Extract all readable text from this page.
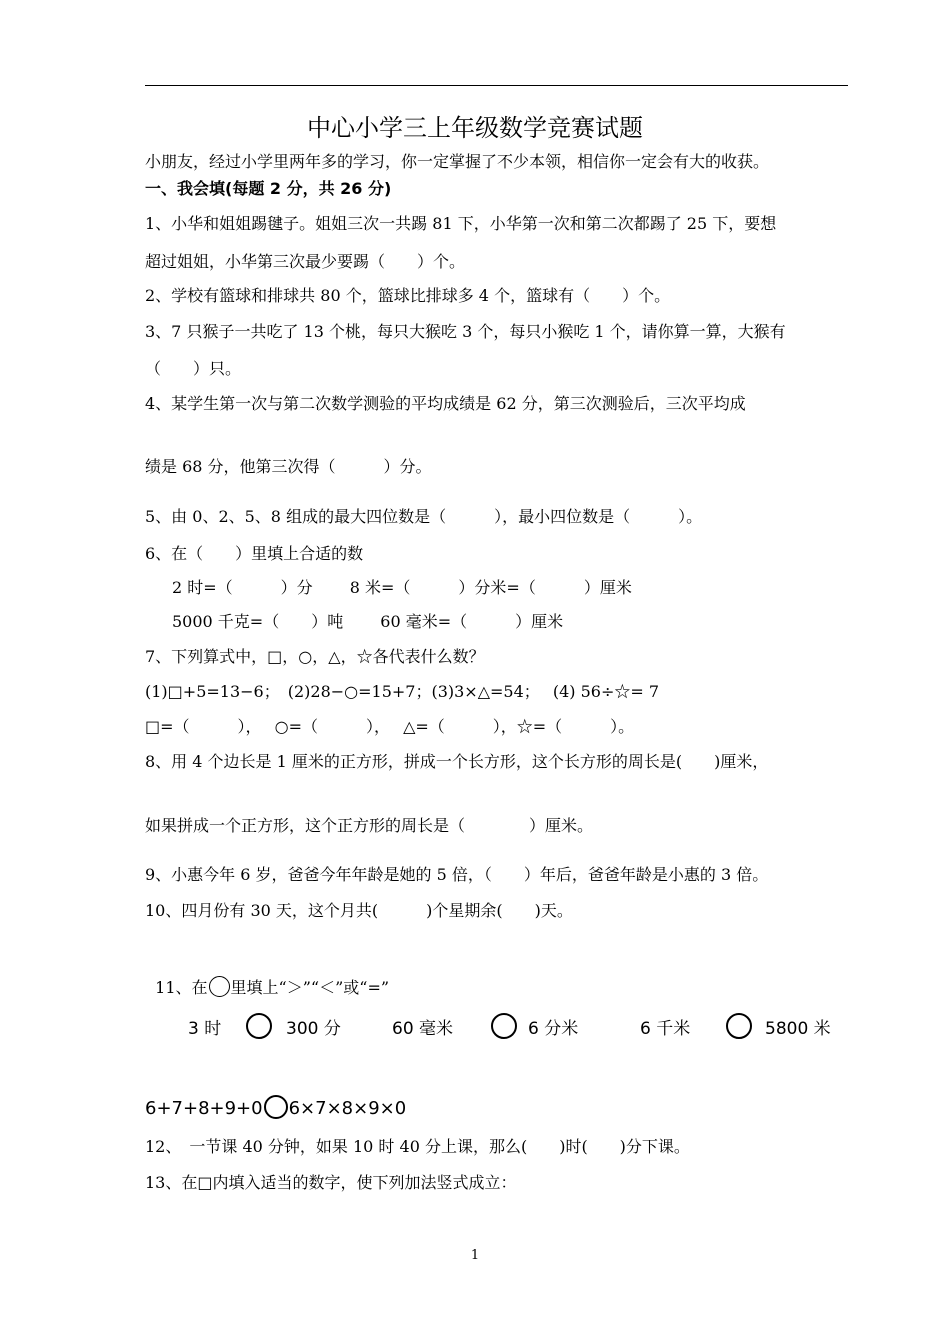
中心小学三上年级数学竞赛试题
小朋友，经过小学里两年多的学习，你一定掌握了不少本领，相信你一定会有大的收获。
一、我会填(每题 2 分，共 26 分)
1、小华和姐姐踢毽子。姐姐三次一共踢 81 下，小华第一次和第二次都踢了 25 下，要想
超过姐姐，小华第三次最少要踢（　　）个。
2、学校有篮球和排球共 80 个，篮球比排球多 4 个，篮球有（　　）个。
3、7 只猴子一共吃了 13 个桃，每只大猴吃 3 个，每只小猴吃 1 个，请你算一算，大猴有
（　　）只。
4、某学生第一次与第二次数学测验的平均成绩是 62 分，第三次测验后，三次平均成
绩是 68 分，他第三次得（　　　）分。
5、由 0、2、5、8 组成的最大四位数是（　　　），最小四位数是（　　　）。
6、在（　　）里填上合适的数
2 时=（　　　）分　　 8 米=（　　　）分米=（　　　）厘米
5000 千克=（　　）吨　　 60 毫米=（　　　）厘米
7、下列算式中，□，○，△，☆各代表什么数？
(1)□+5=13−6；　(2)28−○=15+7；(3)3×△=54；　 (4) 56÷☆= 7
□=（　　　），　 ○=（　　　），　 △=（　　　），☆=（　　　）。
8、用 4 个边长是 1 厘米的正方形，拼成一个长方形，这个长方形的周长是(　　)厘米，
如果拼成一个正方形，这个正方形的周长是（　　　　）厘米。
9、小惠今年 6 岁，爸爸今年年龄是她的 5 倍，（　　）年后，爸爸年龄是小惠的 3 倍。
10、四月份有 30 天，这个月共(　　　)个星期余(　　)天。

11、在 里填上“＞”“＜”或“=”

3 时	300 分	60 毫米	6 分米	6 千米	5800 米
6+7+8+9+0 6×7×8×9×0
12、　一节课 40 分钟，如果 10 时 40 分上课，那么(　　)时(　　)分下课。
13、在□内填入适当的数字，使下列加法竖式成立：
1
